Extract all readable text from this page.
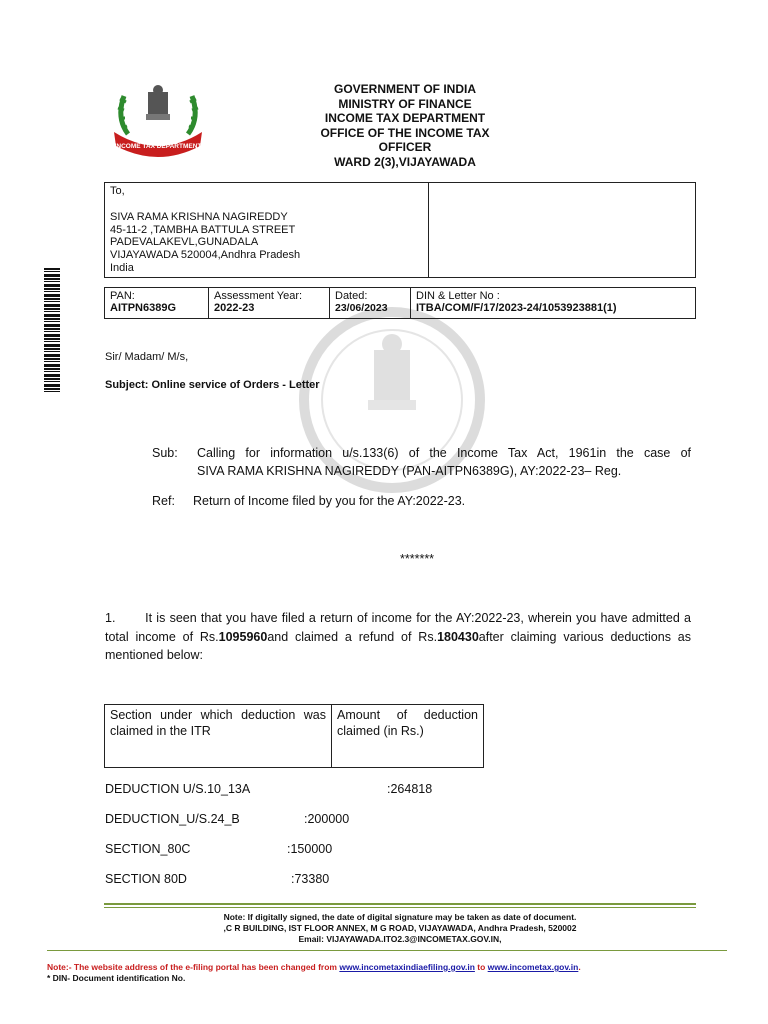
INCOME TAX DEPARTMENT
GOVERNMENT OF INDIA
MINISTRY OF FINANCE
INCOME TAX DEPARTMENT
OFFICE OF THE INCOME TAX
OFFICER
WARD 2(3),VIJAYAWADA
To,
SIVA RAMA KRISHNA NAGIREDDY
45-11-2 ,TAMBHA BATTULA STREET
PADEVALAKEVL,GUNADALA
VIJAYAWADA 520004,Andhra Pradesh
India

PAN:
AITPN6389G

Assessment Year:
2022-23

Dated:
23/06/2023

DIN & Letter No :
ITBA/COM/F/17/2023-24/1053923881(1)
Sir/ Madam/ M/s,
Subject: Online service of Orders - Letter
Sub: Calling for information u/s.133(6) of the Income Tax Act, 1961in the case of
SIVA RAMA KRISHNA NAGIREDDY (PAN-AITPN6389G), AY:2022-23– Reg.
Ref: Return of Income filed by you for the AY:2022-23.
*******
1. It is seen that you have filed a return of income for the AY:2022-23, wherein you have admitted a total income of Rs.1095960and claimed a refund of Rs.180430after claiming various deductions as mentioned below:
Section under which deduction was claimed in the ITR	Amount of deduction claimed (in Rs.)
DEDUCTION U/S.10_13A	:264818
DEDUCTION_U/S.24_B	:200000
SECTION_80C	:150000
SECTION 80D	:73380
Note: If digitally signed, the date of digital signature may be taken as date of document.
,C R BUILDING, IST FLOOR ANNEX, M G ROAD, VIJAYAWADA, Andhra Pradesh, 520002
Email: VIJAYAWADA.ITO2.3@INCOMETAX.GOV.IN,
Note:- The website address of the e-filing portal has been changed from www.incometaxindiaefiling.gov.in to www.incometax.gov.in.
* DIN- Document identification No.
